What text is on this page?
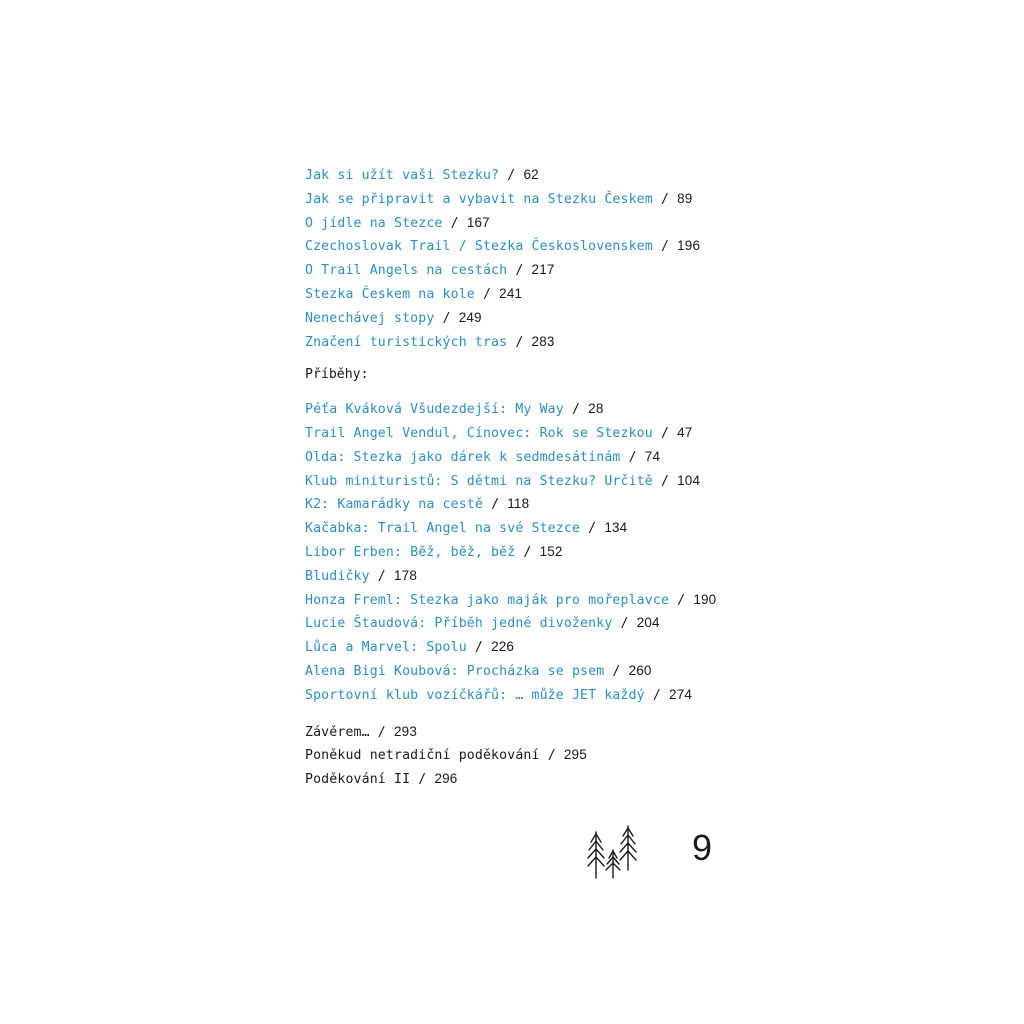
Jak si užít vaši Stezku? / 62
Jak se připravit a vybavit na Stezku Českem / 89
O jídle na Stezce / 167
Czechoslovak Trail / Stezka Československem / 196
O Trail Angels na cestách / 217
Stezka Českem na kole / 241
Nenechávej stopy / 249
Značení turistických tras / 283
Příběhy:
Péťa Kváková Všudezdejší: My Way / 28
Trail Angel Vendul, Cínovec: Rok se Stezkou / 47
Olda: Stezka jako dárek k sedmdesátinám / 74
Klub minituristů: S dětmi na Stezku? Určitě / 104
K2: Kamarádky na cestě / 118
Kačabka: Trail Angel na své Stezce / 134
Libor Erben: Běž, běž, běž / 152
Bludičky / 178
Honza Freml: Stezka jako maják pro mořeplavce / 190
Lucie Štaudová: Příběh jedné divoženky / 204
Lůca a Marvel: Spolu / 226
Alena Bigi Koubová: Procházka se psem / 260
Sportovní klub vozíčkářů: … může JET každý / 274
Závěrem… / 293
Poněkud netradiční poděkování / 295
Poděkování II / 296
9
